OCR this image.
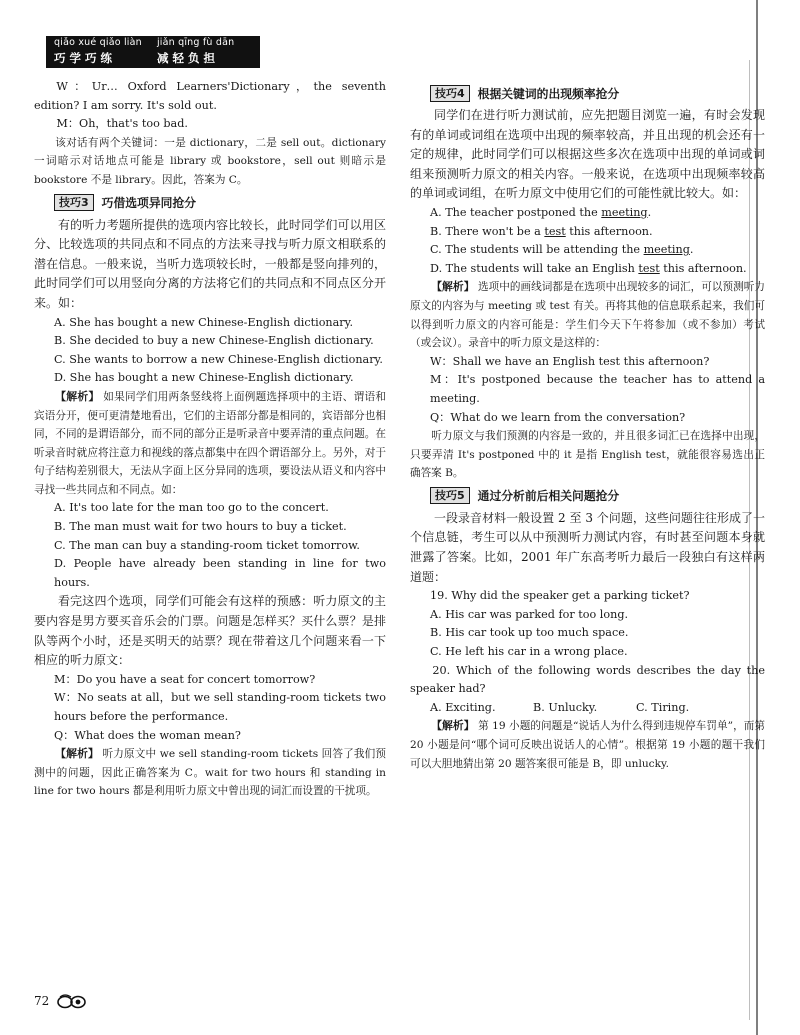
qiǎo xué qiǎo liàn	jiǎn qīng fù dān
巧学巧练	减轻负担

W：Ur… Oxford Learners'Dictionary，the seventh edition? I am sorry. It's sold out.

M：Oh，that's too bad.

该对话有两个关键词：一是 dictionary，二是 sell out。dictionary 一词暗示对话地点可能是 library 或 bookstore，sell out 则暗示是 bookstore 不是 library。因此，答案为 C。

技巧3	巧借选项异同抢分

有的听力考题所提供的选项内容比较长，此时同学们可以用区分、比较选项的共同点和不同点的方法来寻找与听力原文相联系的潜在信息。一般来说，当听力选项较长时，一般都是竖向排列的，此时同学们可以用竖向分离的方法将它们的共同点和不同点区分开来。如：

A. She has bought a new Chinese-English dictionary.

B. She decided to buy a new Chinese-English dictionary.

C. She wants to borrow a new Chinese-English dictionary.

D. She has bought a new Chinese-English dictionary.

【解析】 如果同学们用两条竖线将上面例题选择项中的主语、谓语和宾语分开，便可更清楚地看出，它们的主语部分都是相同的，宾语部分也相同，不同的是谓语部分，而不同的部分正是听录音中要弄清的重点问题。在听录音时就应将注意力和视线的落点都集中在四个谓语部分上。另外，对于句子结构差别很大，无法从字面上区分异同的选项，要设法从语义和内容中寻找一些共同点和不同点。如：

A. It's too late for the man too go to the concert.

B. The man must wait for two hours to buy a ticket.

C. The man can buy a standing-room ticket tomorrow.

D. People have already been standing in line for two hours.

看完这四个选项，同学们可能会有这样的预感：听力原文的主要内容是男方要买音乐会的门票。问题是怎样买？买什么票？是排队等两个小时，还是买明天的站票？现在带着这几个问题来看一下相应的听力原文：

M：Do you have a seat for concert tomorrow?

W：No seats at all，but we sell standing-room tickets two hours before the performance.

Q：What does the woman mean?

【解析】 听力原文中 we sell standing-room tickets 回答了我们预测中的问题，因此正确答案为 C。wait for two hours 和 standing in line for two hours 都是利用听力原文中曾出现的词汇而设置的干扰项。

技巧4	根据关键词的出现频率抢分

同学们在进行听力测试前，应先把题目浏览一遍，有时会发现有的单词或词组在选项中出现的频率较高，并且出现的机会还有一定的规律，此时同学们可以根据这些多次在选项中出现的单词或词组来预测听力原文的相关内容。一般来说，在选项中出现频率较高的单词或词组，在听力原文中使用它们的可能性就比较大。如：

A. The teacher postponed the meeting.

B. There won't be a test this afternoon.

C. The students will be attending the meeting.

D. The students will take an English test this afternoon.

【解析】 选项中的画线词都是在选项中出现较多的词汇，可以预测听力原文的内容为与 meeting 或 test 有关。再将其他的信息联系起来，我们可以得到听力原文的内容可能是：学生们今天下午将参加（或不参加）考试（或会议）。录音中的听力原文是这样的：

W：Shall we have an English test this afternoon?

M：It's postponed because the teacher has to attend a meeting.

Q：What do we learn from the conversation?

听力原文与我们预测的内容是一致的，并且很多词汇已在选择中出现，只要弄清 It's postponed 中的 it 是指 English test，就能很容易选出正确答案 B。

技巧5	通过分析前后相关问题抢分

一段录音材料一般设置 2 至 3 个问题，这些问题往往形成了一个信息链，考生可以从中预测听力测试内容，有时甚至问题本身就泄露了答案。比如，2001 年广东高考听力最后一段独白有这样两道题：

19. Why did the speaker get a parking ticket?

A. His car was parked for too long.

B. His car took up too much space.

C. He left his car in a wrong place.

20. Which of the following words describes the day the speaker had?

A. Exciting.	B. Unlucky.	C. Tiring.

【解析】 第 19 小题的问题是“说话人为什么得到违规停车罚单”，而第 20 小题是问“哪个词可反映出说话人的心情”。根据第 19 小题的题干我们可以大胆地猜出第 20 题答案很可能是 B，即 unlucky.

72
